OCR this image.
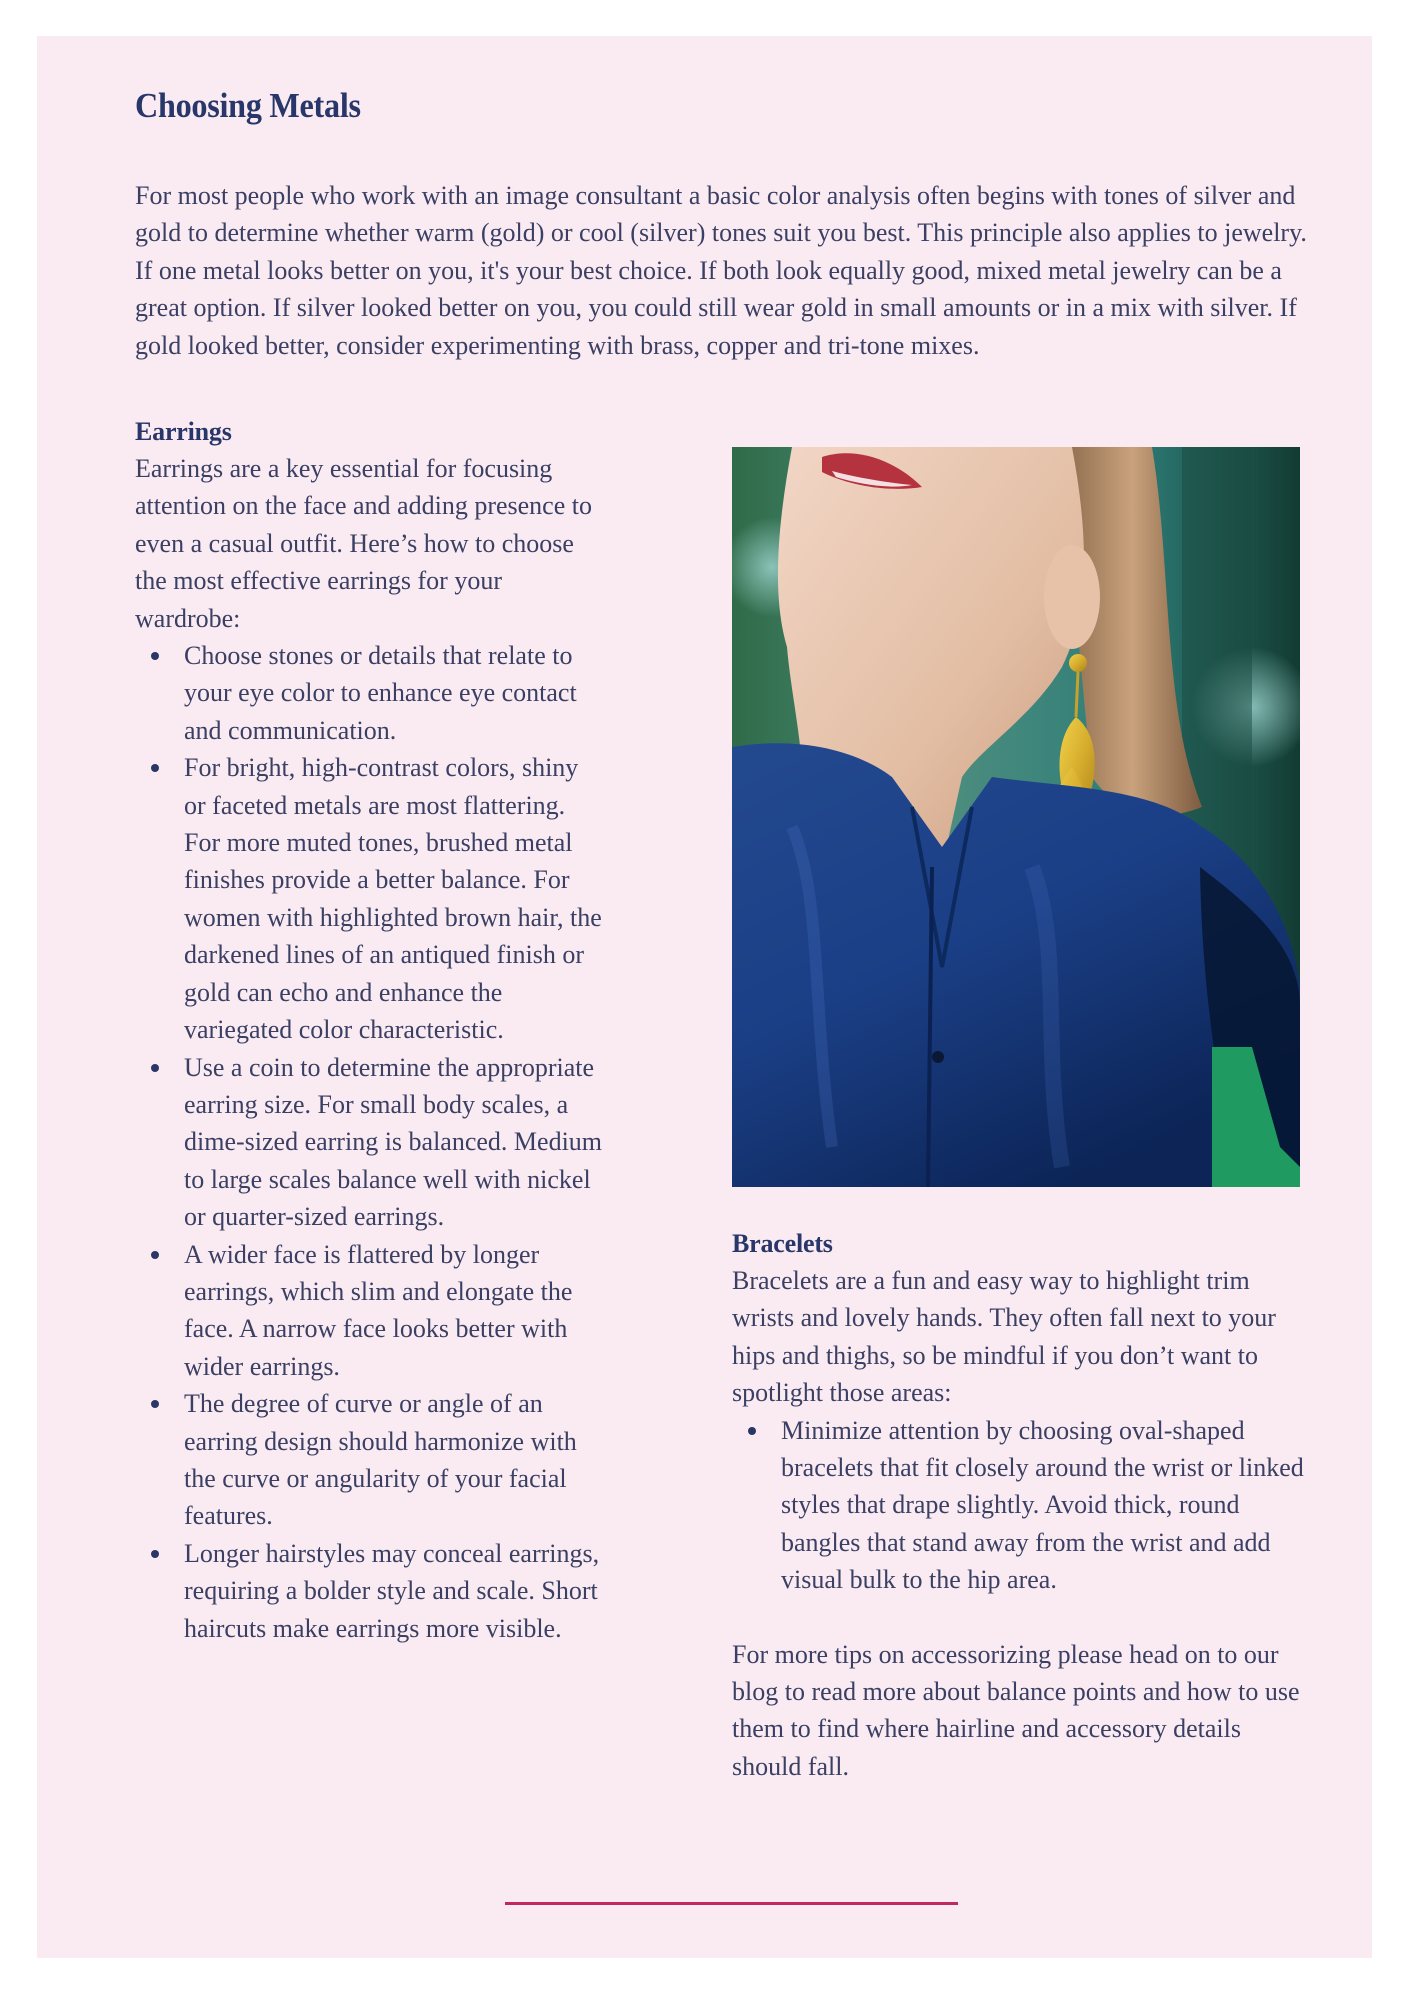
Choosing Metals

For most people who work with an image consultant a basic color analysis often begins with tones of silver and gold to determine whether warm (gold) or cool (silver) tones suit you best. This principle also applies to jewelry. If one metal looks better on you, it's your best choice. If both look equally good, mixed metal jewelry can be a great option. If silver looked better on you, you could still wear gold in small amounts or in a mix with silver. If gold looked better, consider experimenting with brass, copper and tri-tone mixes.

Earrings

Earrings are a key essential for focusing attention on the face and adding presence to even a casual outfit. Here’s how to choose the most effective earrings for your wardrobe:

Choose stones or details that relate to your eye color to enhance eye contact and communication.
For bright, high-contrast colors, shiny or faceted metals are most flattering. For more muted tones, brushed metal finishes provide a better balance. For women with highlighted brown hair, the darkened lines of an antiqued finish or gold can echo and enhance the variegated color characteristic.
Use a coin to determine the appropriate earring size. For small body scales, a dime-sized earring is balanced. Medium to large scales balance well with nickel or quarter-sized earrings.
A wider face is flattered by longer earrings, which slim and elongate the face. A narrow face looks better with wider earrings.
The degree of curve or angle of an earring design should harmonize with the curve or angularity of your facial features.
Longer hairstyles may conceal earrings, requiring a bolder style and scale. Short haircuts make earrings more visible.
Bracelets

Bracelets are a fun and easy way to highlight trim wrists and lovely hands. They often fall next to your hips and thighs, so be mindful if you don’t want to spotlight those areas:

Minimize attention by choosing oval-shaped bracelets that fit closely around the wrist or linked styles that drape slightly. Avoid thick, round bangles that stand away from the wrist and add visual bulk to the hip area.

For more tips on accessorizing please head on to our blog to read more about balance points and how to use them to find where hairline and accessory details should fall.
